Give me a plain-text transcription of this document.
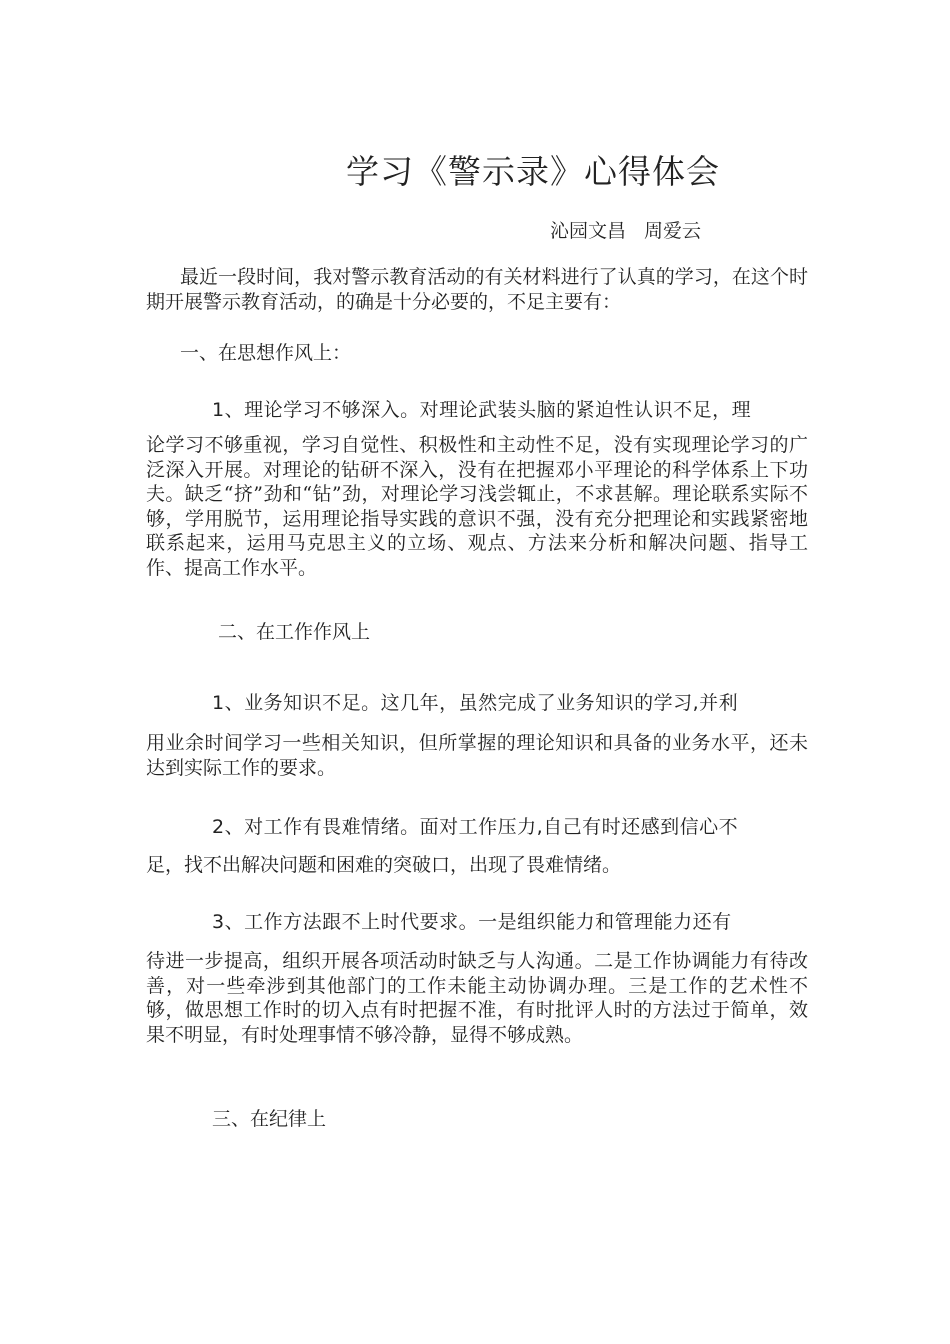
学习《警示录》心得体会
沁园文昌 周爱云
最近一段时间，我对警示教育活动的有关材料进行了认真的学习，在这个时期开展警示教育活动，的确是十分必要的，不足主要有：
一、在思想作风上：
1、理论学习不够深入。对理论武装头脑的紧迫性认识不足，理
论学习不够重视，学习自觉性、积极性和主动性不足，没有实现理论学习的广泛深入开展。对理论的钻研不深入，没有在把握邓小平理论的科学体系上下功夫。缺乏“挤”劲和“钻”劲，对理论学习浅尝辄止，不求甚解。理论联系实际不够，学用脱节，运用理论指导实践的意识不强，没有充分把理论和实践紧密地联系起来，运用马克思主义的立场、观点、方法来分析和解决问题、指导工作、提高工作水平。
二、在工作作风上
1、业务知识不足。这几年，虽然完成了业务知识的学习,并利
用业余时间学习一些相关知识，但所掌握的理论知识和具备的业务水平，还未达到实际工作的要求。
2、对工作有畏难情绪。面对工作压力,自己有时还感到信心不
足，找不出解决问题和困难的突破口，出现了畏难情绪。
3、工作方法跟不上时代要求。一是组织能力和管理能力还有
待进一步提高，组织开展各项活动时缺乏与人沟通。二是工作协调能力有待改善，对一些牵涉到其他部门的工作未能主动协调办理。三是工作的艺术性不够，做思想工作时的切入点有时把握不准，有时批评人时的方法过于简单，效果不明显，有时处理事情不够冷静，显得不够成熟。
三、在纪律上
